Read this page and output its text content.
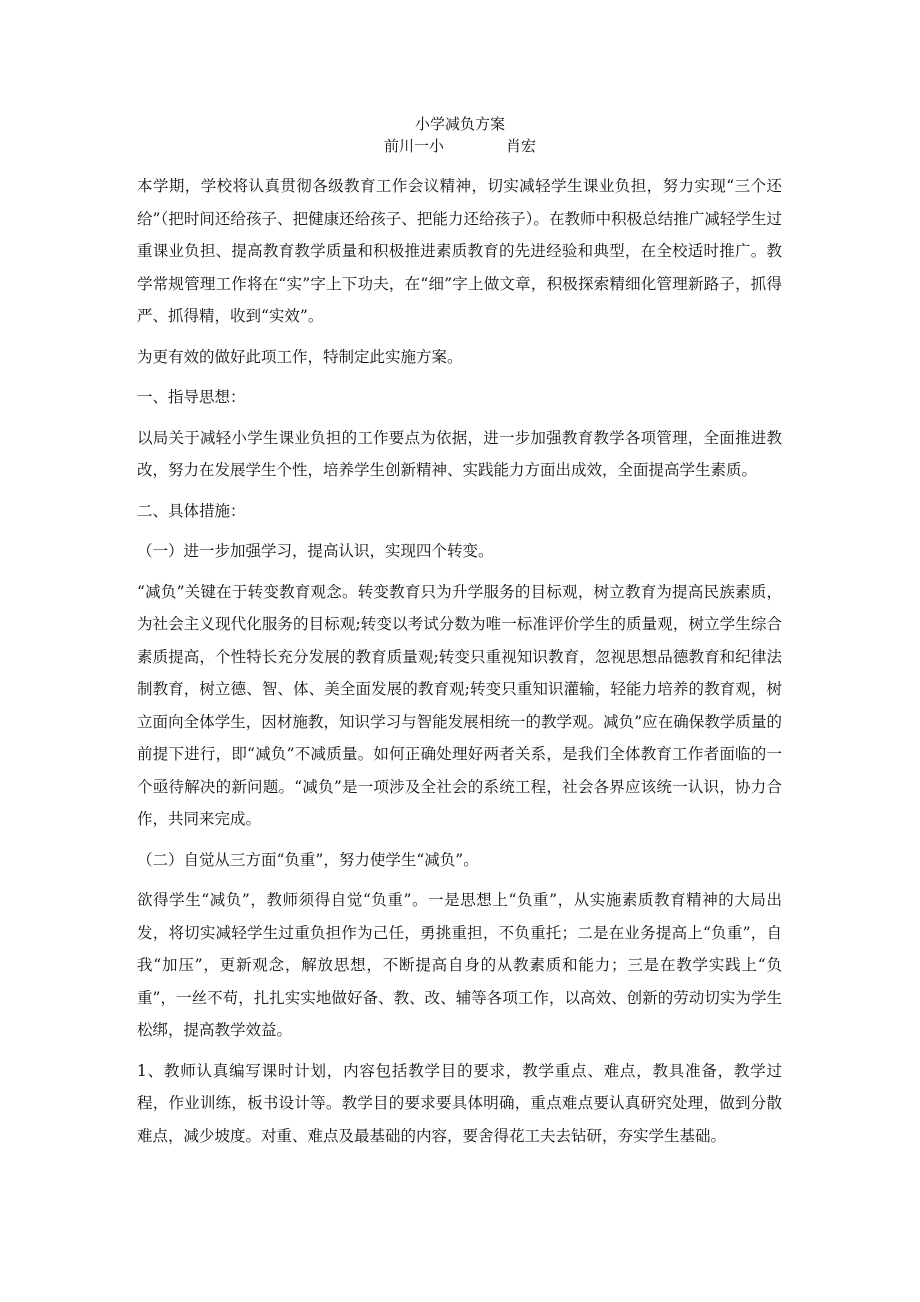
小学减负方案
前川一小	肖宏

本学期，学校将认真贯彻各级教育工作会议精神，切实减轻学生课业负担，努力实现“三个还给”（把时间还给孩子、把健康还给孩子、把能力还给孩子）。在教师中积极总结推广减轻学生过重课业负担、提高教育教学质量和积极推进素质教育的先进经验和典型，在全校适时推广。教学常规管理工作将在“实”字上下功夫，在“细”字上做文章，积极探索精细化管理新路子，抓得严、抓得精，收到“实效”。

为更有效的做好此项工作，特制定此实施方案。

一、指导思想：

以局关于减轻小学生课业负担的工作要点为依据，进一步加强教育教学各项管理，全面推进教改，努力在发展学生个性，培养学生创新精神、实践能力方面出成效，全面提高学生素质。

二、具体措施：

（一）进一步加强学习，提高认识，实现四个转变。

“减负”关键在于转变教育观念。转变教育只为升学服务的目标观，树立教育为提高民族素质，为社会主义现代化服务的目标观;转变以考试分数为唯一标准评价学生的质量观，树立学生综合素质提高，个性特长充分发展的教育质量观;转变只重视知识教育，忽视思想品德教育和纪律法制教育，树立德、智、体、美全面发展的教育观;转变只重知识灌输，轻能力培养的教育观，树立面向全体学生，因材施教，知识学习与智能发展相统一的教学观。减负”应在确保教学质量的前提下进行，即“减负”不减质量。如何正确处理好两者关系，是我们全体教育工作者面临的一个亟待解决的新问题。“减负”是一项涉及全社会的系统工程，社会各界应该统一认识，协力合作，共同来完成。

（二）自觉从三方面“负重”，努力使学生“减负”。

欲得学生“减负”，教师须得自觉“负重”。一是思想上“负重”，从实施素质教育精神的大局出发，将切实减轻学生过重负担作为己任，勇挑重担，不负重托；二是在业务提高上“负重”，自我“加压”，更新观念，解放思想，不断提高自身的从教素质和能力；三是在教学实践上“负重”，一丝不苟，扎扎实实地做好备、教、改、辅等各项工作，以高效、创新的劳动切实为学生松绑，提高教学效益。

1、教师认真编写课时计划，内容包括教学目的要求，教学重点、难点，教具准备，教学过程，作业训练，板书设计等。教学目的要求要具体明确，重点难点要认真研究处理，做到分散难点，减少坡度。对重、难点及最基础的内容，要舍得花工夫去钻研，夯实学生基础。
